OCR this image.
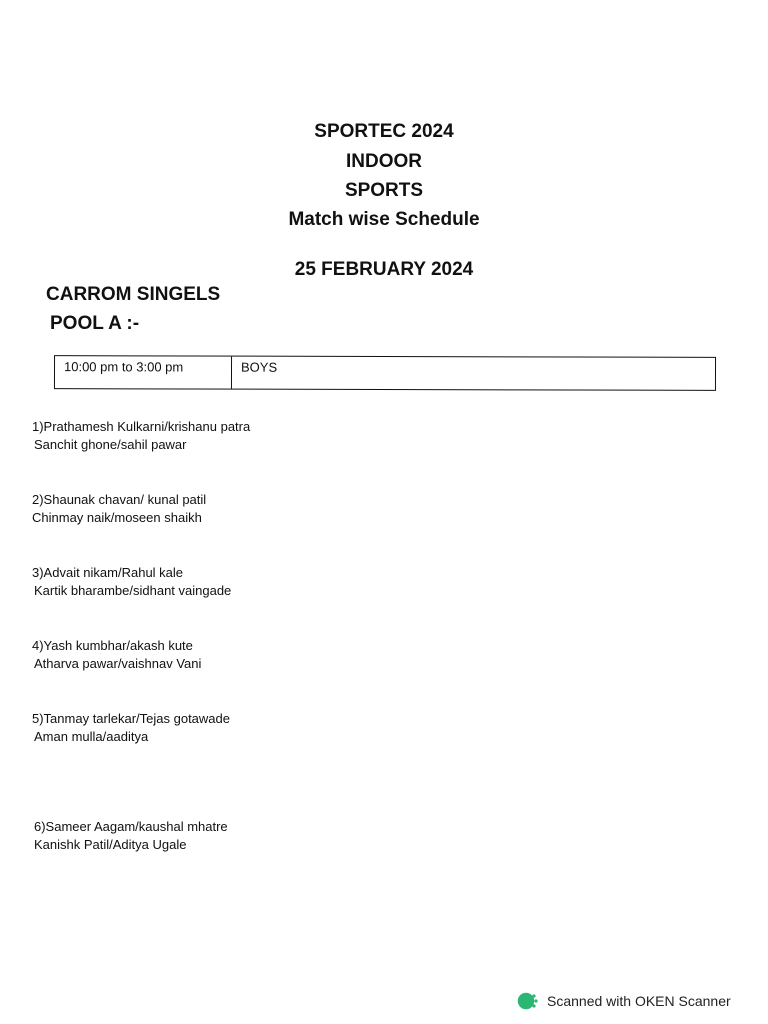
SPORTEC 2024
INDOOR
SPORTS
Match wise Schedule
25 FEBRUARY 2024
CARROM SINGELS
POOL A :-
10:00 pm to 3:00 pm	BOYS
1)Prathamesh Kulkarni/krishanu patra
Sanchit ghone/sahil pawar
2)Shaunak chavan/ kunal patil
Chinmay naik/moseen shaikh
3)Advait nikam/Rahul kale
Kartik bharambe/sidhant vaingade
4)Yash kumbhar/akash kute
Atharva pawar/vaishnav Vani
5)Tanmay tarlekar/Tejas gotawade
Aman mulla/aaditya
6)Sameer Aagam/kaushal mhatre
Kanishk Patil/Aditya Ugale
Scanned with OKEN Scanner
